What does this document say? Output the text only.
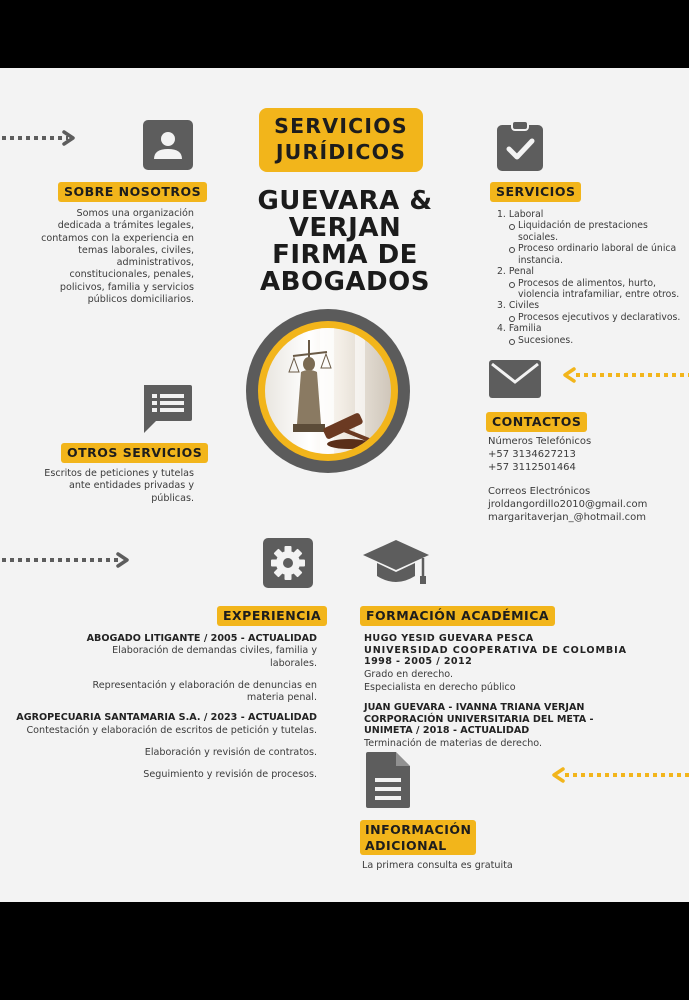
SERVICIOS
JURÍDICOS
GUEVARA &
VERJAN
FIRMA DE
ABOGADOS
SOBRE NOSOTROS
Somos una organización
dedicada a trámites legales,
contamos con la experiencia en
temas laborales, civiles,
administrativos,
constitucionales, penales,
policivos, familia y servicios
públicos domiciliarios.
SERVICIOS
1. Laboral
Liquidación de prestaciones
sociales.
Proceso ordinario laboral de única
instancia.
2. Penal
Procesos de alimentos, hurto,
violencia intrafamiliar, entre otros.
3. Civiles
Procesos ejecutivos y declarativos.
4. Familia
Sucesiones.
OTROS SERVICIOS
Escritos de peticiones y tutelas
ante entidades privadas y
públicas.
CONTACTOS
Números Telefónicos
+57 3134627213
+57 3112501464
Correos Electrónicos
jroldangordillo2010@gmail.com
margaritaverjan_@hotmail.com
EXPERIENCIA
ABOGADO LITIGANTE / 2005 - ACTUALIDAD
Elaboración de demandas civiles, familia y
laborales.
Representación y elaboración de denuncias en
materia penal.
AGROPECUARIA SANTAMARIA S.A. / 2023 - ACTUALIDAD
Contestación y elaboración de escritos de petición y tutelas.
Elaboración y revisión de contratos.
Seguimiento y revisión de procesos.
FORMACIÓN ACADÉMICA
HUGO YESID GUEVARA PESCA
UNIVERSIDAD COOPERATIVA DE COLOMBIA
1998 - 2005 / 2012
Grado en derecho.
Especialista en derecho público
JUAN GUEVARA - IVANNA TRIANA VERJAN
CORPORACIÓN UNIVERSITARIA DEL META -
UNIMETA / 2018 - ACTUALIDAD
Terminación de materias de derecho.
INFORMACIÓN
ADICIONAL
La primera consulta es gratuita
